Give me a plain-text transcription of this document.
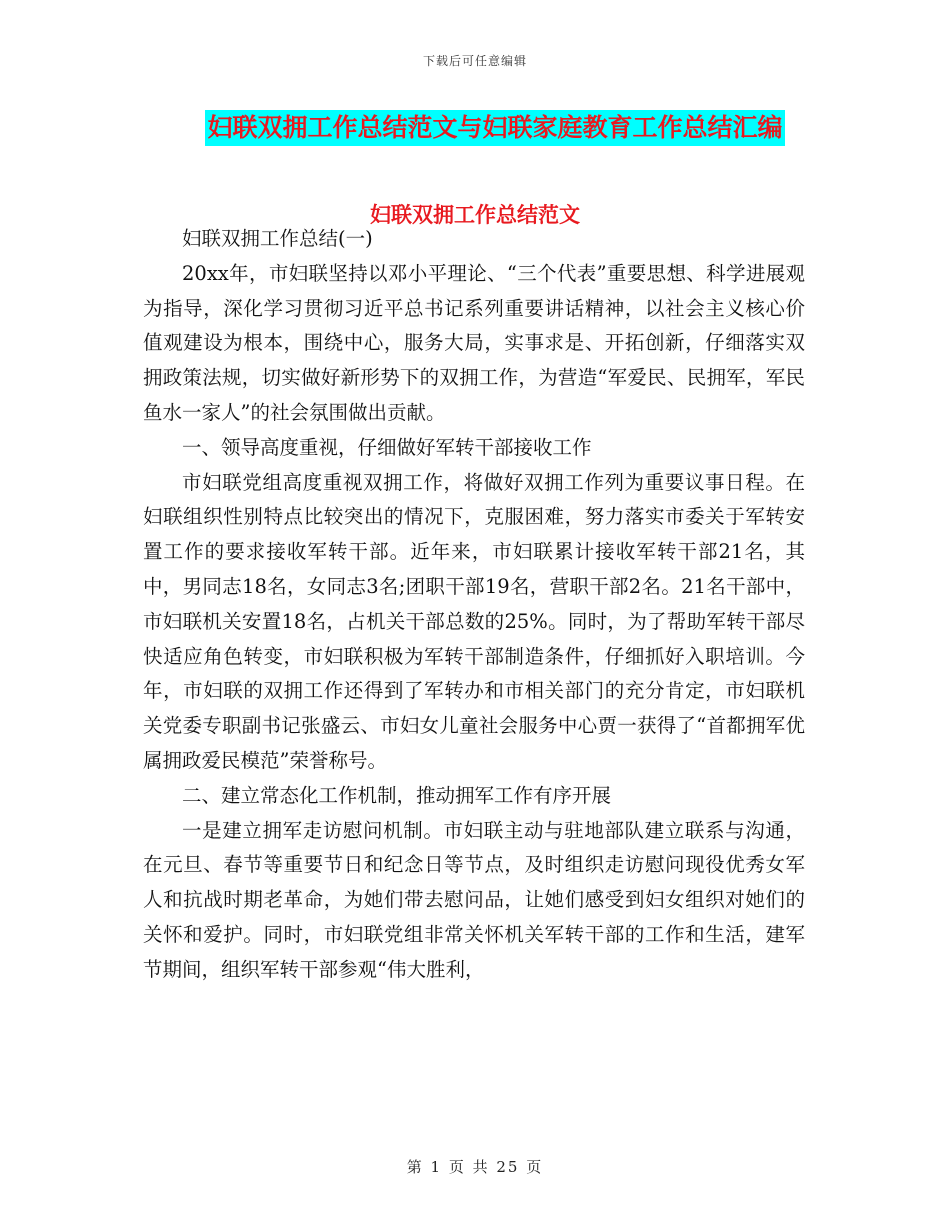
下载后可任意编辑
妇联双拥工作总结范文与妇联家庭教育工作总结汇编
妇联双拥工作总结范文

妇联双拥工作总结(一)

20xx年，市妇联坚持以邓小平理论、“三个代表”重要思想、科学进展观为指导，深化学习贯彻习近平总书记系列重要讲话精神，以社会主义核心价值观建设为根本，围绕中心，服务大局，实事求是、开拓创新，仔细落实双拥政策法规，切实做好新形势下的双拥工作，为营造“军爱民、民拥军，军民鱼水一家人”的社会氛围做出贡献。

一、领导高度重视，仔细做好军转干部接收工作

市妇联党组高度重视双拥工作，将做好双拥工作列为重要议事日程。在妇联组织性别特点比较突出的情况下，克服困难，努力落实市委关于军转安置工作的要求接收军转干部。近年来，市妇联累计接收军转干部21名，其中，男同志18名，女同志3名;团职干部19名，营职干部2名。21名干部中，市妇联机关安置18名，占机关干部总数的25%。同时，为了帮助军转干部尽快适应角色转变，市妇联积极为军转干部制造条件，仔细抓好入职培训。今年，市妇联的双拥工作还得到了军转办和市相关部门的充分肯定，市妇联机关党委专职副书记张盛云、市妇女儿童社会服务中心贾一获得了“首都拥军优属拥政爱民模范”荣誉称号。

二、建立常态化工作机制，推动拥军工作有序开展

一是建立拥军走访慰问机制。市妇联主动与驻地部队建立联系与沟通，在元旦、春节等重要节日和纪念日等节点，及时组织走访慰问现役优秀女军人和抗战时期老革命，为她们带去慰问品，让她们感受到妇女组织对她们的关怀和爱护。同时，市妇联党组非常关怀机关军转干部的工作和生活，建军节期间，组织军转干部参观“伟大胜利，

第 1 页 共 25 页
